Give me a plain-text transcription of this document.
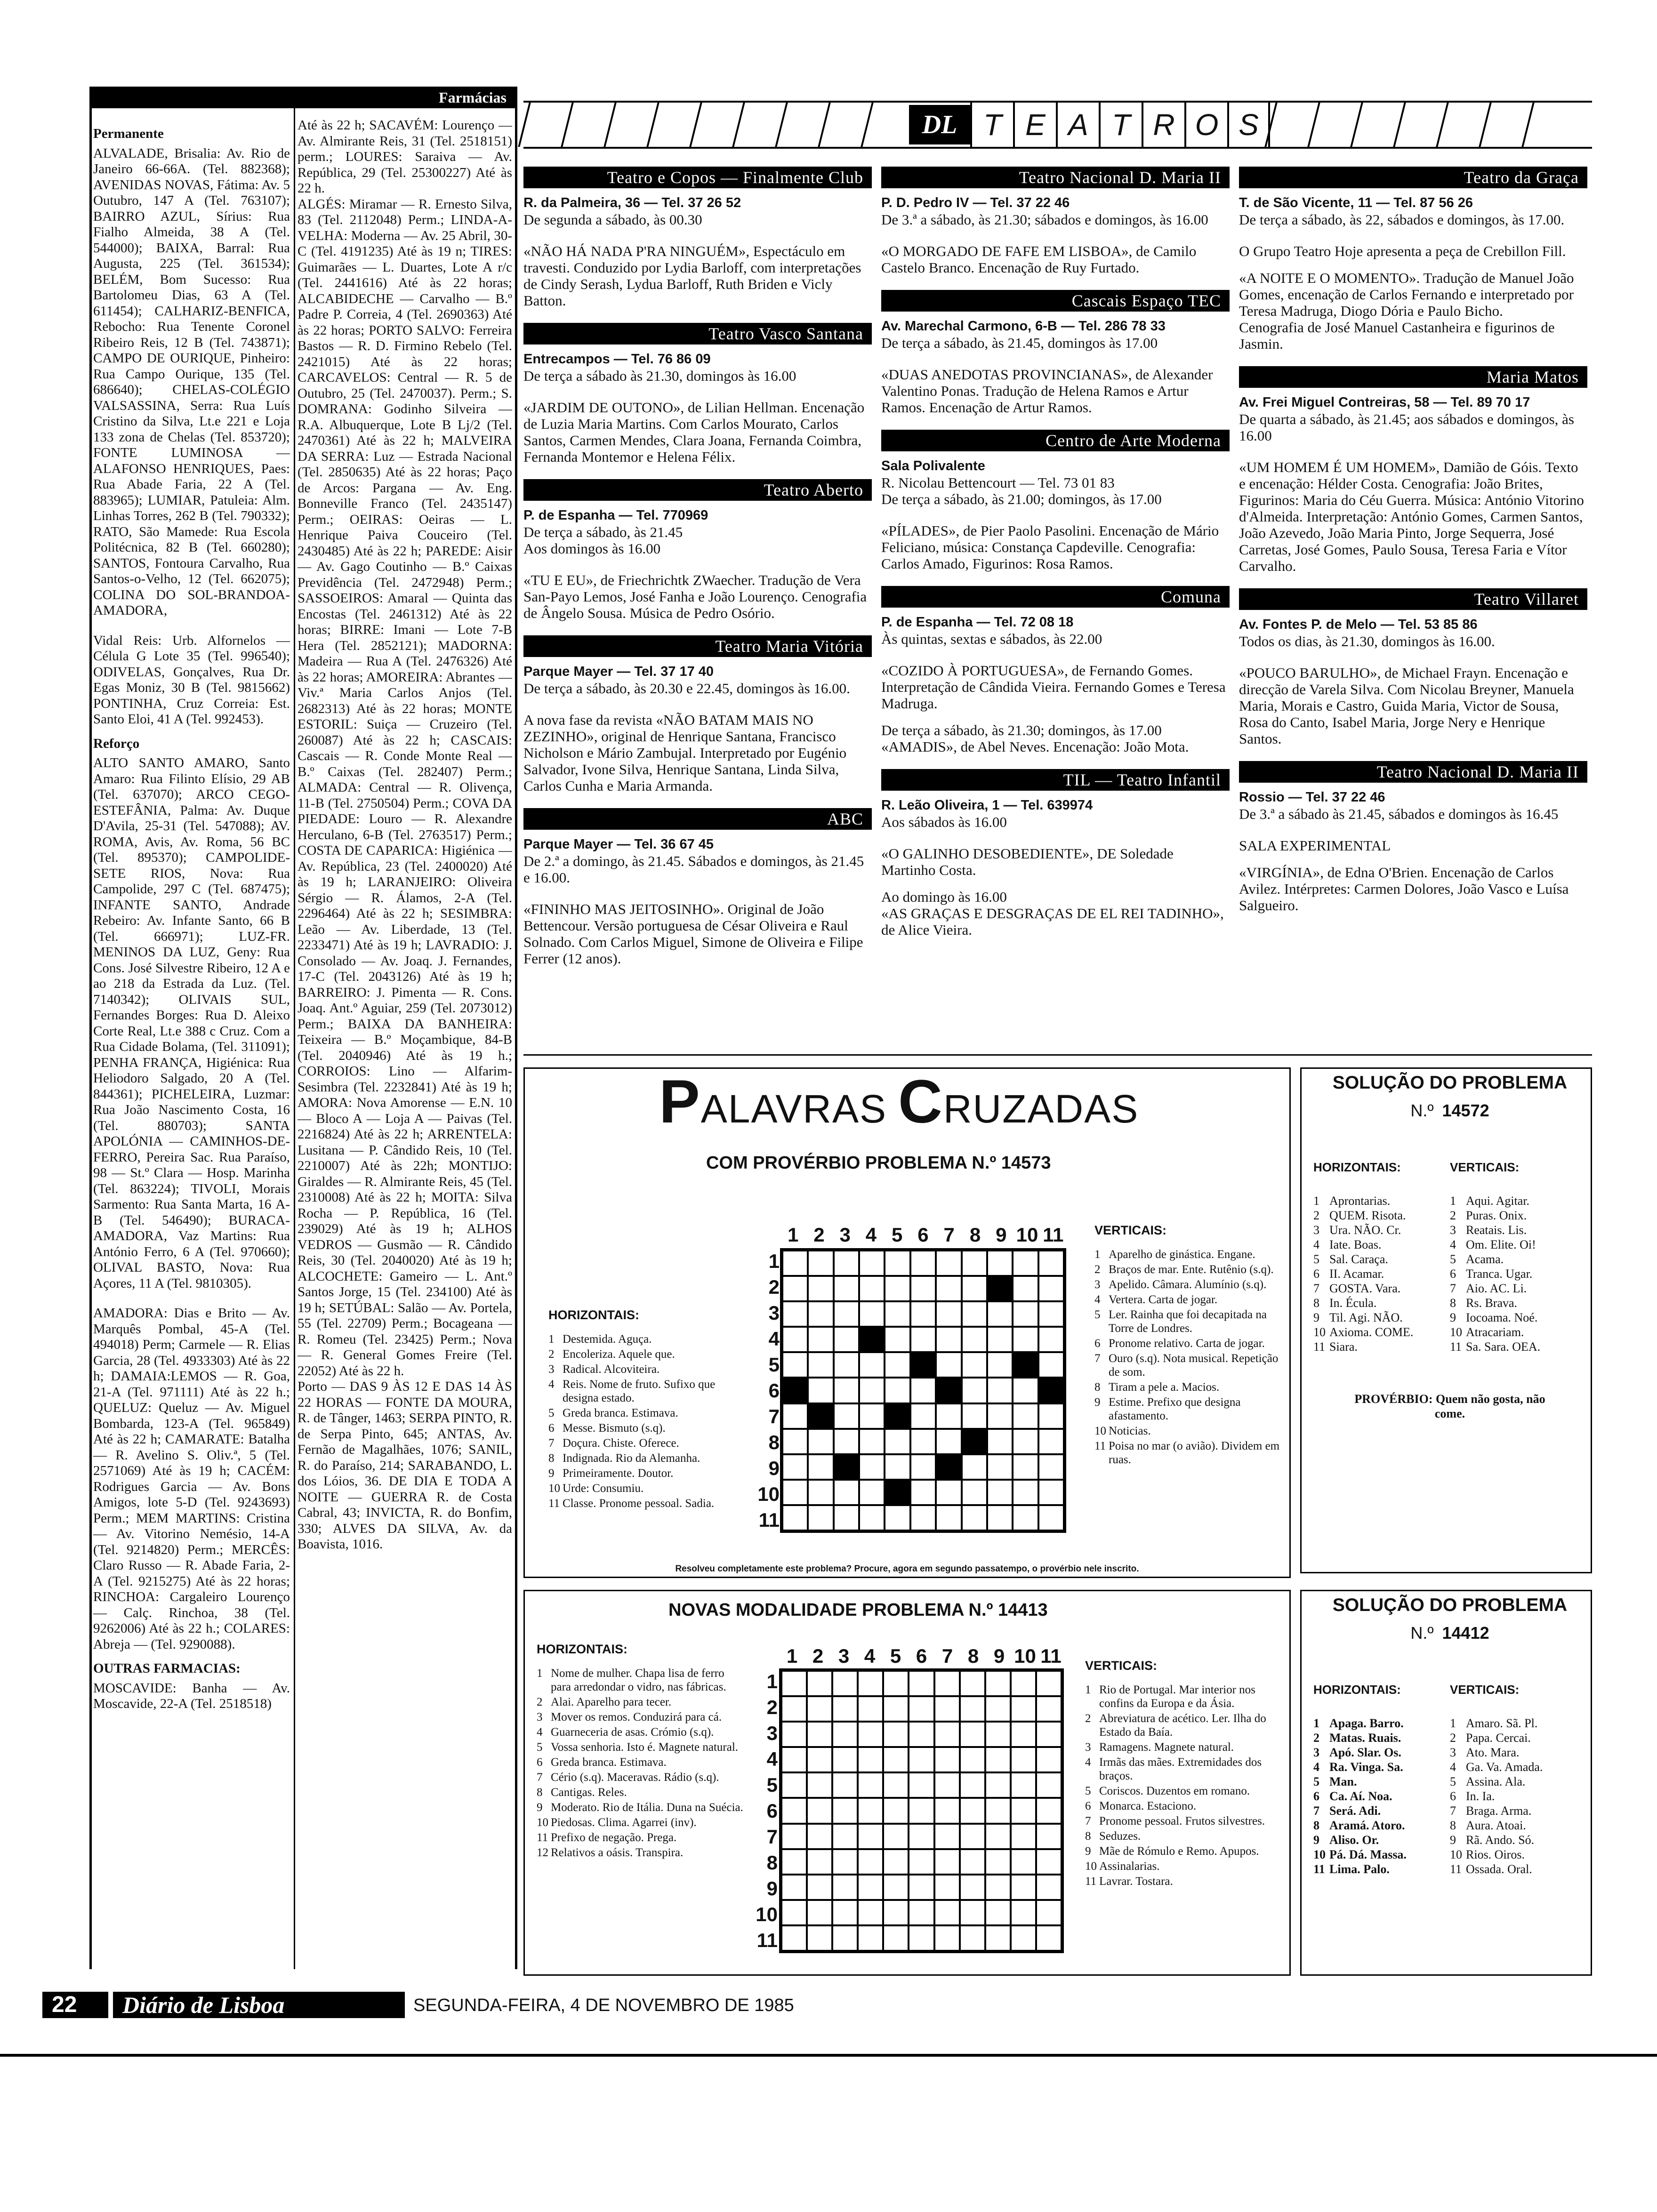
Farmácias

Permanente

ALVALADE, Brisalia: Av. Rio de Janeiro 66-66A. (Tel. 882368); AVENIDAS NOVAS, Fátima: Av. 5 Outubro, 147 A (Tel. 763107); BAIRRO AZUL, Sírius: Rua Fialho Almeida, 38 A (Tel. 544000); BAIXA, Barral: Rua Augusta, 225 (Tel. 361534); BELÉM, Bom Sucesso: Rua Bartolomeu Dias, 63 A (Tel. 611454); CALHARIZ-BENFICA, Rebocho: Rua Tenente Coronel Ribeiro Reis, 12 B (Tel. 743871); CAMPO DE OURIQUE, Pinheiro: Rua Campo Ourique, 135 (Tel. 686640); CHELAS-COLÉGIO VALSASSINA, Serra: Rua Luís Cristino da Silva, Lt.e 221 e Loja 133 zona de Chelas (Tel. 853720); FONTE LUMINOSA — ALAFONSO HENRIQUES, Paes: Rua Abade Faria, 22 A (Tel. 883965); LUMIAR, Patuleia: Alm. Linhas Torres, 262 B (Tel. 790332); RATO, São Mamede: Rua Escola Politécnica, 82 B (Tel. 660280); SANTOS, Fontoura Carvalho, Rua Santos-o-Velho, 12 (Tel. 662075); COLINA DO SOL-BRANDOA-AMADORA,

Vidal Reis: Urb. Alfornelos — Célula G Lote 35 (Tel. 996540); ODIVELAS, Gonçalves, Rua Dr. Egas Moniz, 30 B (Tel. 9815662) PONTINHA, Cruz Correia: Est. Santo Eloi, 41 A (Tel. 992453).

Reforço

ALTO SANTO AMARO, Santo Amaro: Rua Filinto Elísio, 29 AB (Tel. 637070); ARCO CEGO-ESTEFÂNIA, Palma: Av. Duque D'Avila, 25-31 (Tel. 547088); AV. ROMA, Avis, Av. Roma, 56 BC (Tel. 895370); CAMPOLIDE-SETE RIOS, Nova: Rua Campolide, 297 C (Tel. 687475); INFANTE SANTO, Andrade Rebeiro: Av. Infante Santo, 66 B (Tel. 666971); LUZ-FR. MENINOS DA LUZ, Geny: Rua Cons. José Silvestre Ribeiro, 12 A e ao 218 da Estrada da Luz. (Tel. 7140342); OLIVAIS SUL, Fernandes Borges: Rua D. Aleixo Corte Real, Lt.e 388 c Cruz. Com a Rua Cidade Bolama, (Tel. 311091); PENHA FRANÇA, Higiénica: Rua Heliodoro Salgado, 20 A (Tel. 844361); PICHELEIRA, Luzmar: Rua João Nascimento Costa, 16 (Tel. 880703); SANTA APOLÓNIA — CAMINHOS-DE-FERRO, Pereira Sac. Rua Paraíso, 98 — St.º Clara — Hosp. Marinha (Tel. 863224); TIVOLI, Morais Sarmento: Rua Santa Marta, 16 A-B (Tel. 546490); BURACA-AMADORA, Vaz Martins: Rua António Ferro, 6 A (Tel. 970660); OLIVAL BASTO, Nova: Rua Açores, 11 A (Tel. 9810305).

AMADORA: Dias e Brito — Av. Marquês Pombal, 45-A (Tel. 494018) Perm; Carmele — R. Elias Garcia, 28 (Tel. 4933303) Até às 22 h; DAMAIA:LEMOS — R. Goa, 21-A (Tel. 971111) Até às 22 h.; QUELUZ: Queluz — Av. Miguel Bombarda, 123-A (Tel. 965849) Até às 22 h; CAMARATE: Batalha — R. Avelino S. Oliv.ª, 5 (Tel. 2571069) Até às 19 h; CACÉM: Rodrigues Garcia — Av. Bons Amigos, lote 5-D (Tel. 9243693) Perm.; MEM MARTINS: Cristina — Av. Vitorino Nemésio, 14-A (Tel. 9214820) Perm.; MERCÊS: Claro Russo — R. Abade Faria, 2-A (Tel. 9215275) Até às 22 horas; RINCHOA: Cargaleiro Lourenço — Calç. Rinchoa, 38 (Tel. 9262006) Até às 22 h.; COLARES: Abreja — (Tel. 9290088).

OUTRAS FARMACIAS:

MOSCAVIDE: Banha — Av. Moscavide, 22-A (Tel. 2518518)

Até às 22 h; SACAVÉM: Lourenço — Av. Almirante Reis, 31 (Tel. 2518151) perm.; LOURES: Saraiva — Av. República, 29 (Tel. 25300227) Até às 22 h.

ALGÉS: Miramar — R. Ernesto Silva, 83 (Tel. 2112048) Perm.; LINDA-A-VELHA: Moderna — Av. 25 Abril, 30-C (Tel. 4191235) Até às 19 n; TIRES: Guimarães — L. Duartes, Lote A r/c (Tel. 2441616) Até às 22 horas; ALCABIDECHE — Carvalho — B.º Padre P. Correia, 4 (Tel. 2690363) Até às 22 horas; PORTO SALVO: Ferreira Bastos — R. D. Firmino Rebelo (Tel. 2421015) Até às 22 horas; CARCAVELOS: Central — R. 5 de Outubro, 25 (Tel. 2470037). Perm.; S. DOMRANA: Godinho Silveira — R.A. Albuquerque, Lote B Lj/2 (Tel. 2470361) Até às 22 h; MALVEIRA DA SERRA: Luz — Estrada Nacional (Tel. 2850635) Até às 22 horas; Paço de Arcos: Pargana — Av. Eng. Bonneville Franco (Tel. 2435147) Perm.; OEIRAS: Oeiras — L. Henrique Paiva Couceiro (Tel. 2430485) Até às 22 h; PAREDE: Aisir — Av. Gago Coutinho — B.º Caixas Previdência (Tel. 2472948) Perm.; SASSOEIROS: Amaral — Quinta das Encostas (Tel. 2461312) Até às 22 horas; BIRRE: Imani — Lote 7-B Hera (Tel. 2852121); MADORNA: Madeira — Rua A (Tel. 2476326) Até às 22 horas; AMOREIRA: Abrantes — Viv.ª Maria Carlos Anjos (Tel. 2682313) Até às 22 horas; MONTE ESTORIL: Suiça — Cruzeiro (Tel. 260087) Até às 22 h; CASCAIS: Cascais — R. Conde Monte Real — B.º Caixas (Tel. 282407) Perm.; ALMADA: Central — R. Olivença, 11-B (Tel. 2750504) Perm.; COVA DA PIEDADE: Louro — R. Alexandre Herculano, 6-B (Tel. 2763517) Perm.; COSTA DE CAPARICA: Higiénica — Av. República, 23 (Tel. 2400020) Até às 19 h; LARANJEIRO: Oliveira Sérgio — R. Álamos, 2-A (Tel. 2296464) Até às 22 h; SESIMBRA: Leão — Av. Liberdade, 13 (Tel. 2233471) Até às 19 h; LAVRADIO: J. Consolado — Av. Joaq. J. Fernandes, 17-C (Tel. 2043126) Até às 19 h; BARREIRO: J. Pimenta — R. Cons. Joaq. Ant.º Aguiar, 259 (Tel. 2073012) Perm.; BAIXA DA BANHEIRA: Teixeira — B.º Moçambique, 84-B (Tel. 2040946) Até às 19 h.; CORROIOS: Lino — Alfarim-Sesimbra (Tel. 2232841) Até às 19 h; AMORA: Nova Amorense — E.N. 10 — Bloco A — Loja A — Paivas (Tel. 2216824) Até às 22 h; ARRENTELA: Lusitana — P. Cândido Reis, 10 (Tel. 2210007) Até às 22h; MONTIJO: Giraldes — R. Almirante Reis, 45 (Tel. 2310008) Até às 22 h; MOITA: Silva Rocha — P. República, 16 (Tel. 239029) Até às 19 h; ALHOS VEDROS — Gusmão — R. Cândido Reis, 30 (Tel. 2040020) Até às 19 h; ALCOCHETE: Gameiro — L. Ant.º Santos Jorge, 15 (Tel. 234100) Até às 19 h; SETÚBAL: Salão — Av. Portela, 55 (Tel. 22709) Perm.; Bocageana — R. Romeu (Tel. 23425) Perm.; Nova — R. General Gomes Freire (Tel. 22052) Até às 22 h.

Porto — DAS 9 ÀS 12 E DAS 14 ÀS 22 HORAS — FONTE DA MOURA, R. de Tânger, 1463; SERPA PINTO, R. de Serpa Pinto, 645; ANTAS, Av. Fernão de Magalhães, 1076; SANIL, R. do Paraíso, 214; SARABANDO, L. dos Lóios, 36. DE DIA E TODA A NOITE — GUERRA R. de Costa Cabral, 43; INVICTA, R. do Bonfim, 330; ALVES DA SILVA, Av. da Boavista, 1016.

DL T E A T R O S
Teatro e Copos — Finalmente Club

R. da Palmeira, 36 — Tel. 37 26 52

De segunda a sábado, às 00.30

«NÃO HÁ NADA P'RA NINGUÉM», Espectáculo em travesti. Conduzido por Lydia Barloff, com interpretações de Cindy Serash, Lydua Barloff, Ruth Briden e Vicly Batton.

Teatro Vasco Santana

Entrecampos — Tel. 76 86 09

De terça a sábado às 21.30, domingos às 16.00

«JARDIM DE OUTONO», de Lilian Hellman. Encenação de Luzia Maria Martins. Com Carlos Mourato, Carlos Santos, Carmen Mendes, Clara Joana, Fernanda Coimbra, Fernanda Montemor e Helena Félix.

Teatro Aberto

P. de Espanha — Tel. 770969

De terça a sábado, às 21.45

Aos domingos às 16.00

«TU E EU», de Friechrichtk ZWaecher. Tradução de Vera San-Payo Lemos, José Fanha e João Lourenço. Cenografia de Ângelo Sousa. Música de Pedro Osório.

Teatro Maria Vitória

Parque Mayer — Tel. 37 17 40

De terça a sábado, às 20.30 e 22.45, domingos às 16.00.

A nova fase da revista «NÃO BATAM MAIS NO ZEZINHO», original de Henrique Santana, Francisco Nicholson e Mário Zambujal. Interpretado por Eugénio Salvador, Ivone Silva, Henrique Santana, Linda Silva, Carlos Cunha e Maria Armanda.

ABC

Parque Mayer — Tel. 36 67 45

De 2.ª a domingo, às 21.45. Sábados e domingos, às 21.45 e 16.00.

«FININHO MAS JEITOSINHO». Original de João Bettencour. Versão portuguesa de César Oliveira e Raul Solnado. Com Carlos Miguel, Simone de Oliveira e Filipe Ferrer (12 anos).

Teatro Nacional D. Maria II

P. D. Pedro IV — Tel. 37 22 46

De 3.ª a sábado, às 21.30; sábados e domingos, às 16.00

«O MORGADO DE FAFE EM LISBOA», de Camilo Castelo Branco. Encenação de Ruy Furtado.

Cascais Espaço TEC

Av. Marechal Carmono, 6-B — Tel. 286 78 33

De terça a sábado, às 21.45, domingos às 17.00

«DUAS ANEDOTAS PROVINCIANAS», de Alexander Valentino Ponas. Tradução de Helena Ramos e Artur Ramos. Encenação de Artur Ramos.

Centro de Arte Moderna

Sala Polivalente

R. Nicolau Bettencourt — Tel. 73 01 83

De terça a sábado, às 21.00; domingos, às 17.00

«PÍLADES», de Pier Paolo Pasolini. Encenação de Mário Feliciano, música: Constança Capdeville. Cenografia: Carlos Amado, Figurinos: Rosa Ramos.

Comuna

P. de Espanha — Tel. 72 08 18

Às quintas, sextas e sábados, às 22.00

«COZIDO À PORTUGUESA», de Fernando Gomes. Interpretação de Cândida Vieira. Fernando Gomes e Teresa Madruga.

De terça a sábado, às 21.30; domingos, às 17.00

«AMADIS», de Abel Neves. Encenação: João Mota.

TIL — Teatro Infantil

R. Leão Oliveira, 1 — Tel. 639974

Aos sábados às 16.00

«O GALINHO DESOBEDIENTE», DE Soledade Martinho Costa.

Ao domingo às 16.00

«AS GRAÇAS E DESGRAÇAS DE EL REI TADINHO», de Alice Vieira.

Teatro da Graça

T. de São Vicente, 11 — Tel. 87 56 26

De terça a sábado, às 22, sábados e domingos, às 17.00.

O Grupo Teatro Hoje apresenta a peça de Crebillon Fill.

«A NOITE E O MOMENTO». Tradução de Manuel João Gomes, encenação de Carlos Fernando e interpretado por Teresa Madruga, Diogo Dória e Paulo Bicho.

Cenografia de José Manuel Castanheira e figurinos de Jasmin.

Maria Matos

Av. Frei Miguel Contreiras, 58 — Tel. 89 70 17

De quarta a sábado, às 21.45; aos sábados e domingos, às 16.00

«UM HOMEM É UM HOMEM», Damião de Góis. Texto e encenação: Hélder Costa. Cenografia: João Brites, Figurinos: Maria do Céu Guerra. Música: António Vitorino d'Almeida. Interpretação: António Gomes, Carmen Santos, João Azevedo, João Maria Pinto, Jorge Sequerra, José Carretas, José Gomes, Paulo Sousa, Teresa Faria e Vítor Carvalho.

Teatro Villaret

Av. Fontes P. de Melo — Tel. 53 85 86

Todos os dias, às 21.30, domingos às 16.00.

«POUCO BARULHO», de Michael Frayn. Encenação e direcção de Varela Silva. Com Nicolau Breyner, Manuela Maria, Morais e Castro, Guida Maria, Victor de Sousa, Rosa do Canto, Isabel Maria, Jorge Nery e Henrique Santos.

Teatro Nacional D. Maria II

Rossio — Tel. 37 22 46

De 3.ª a sábado às 21.45, sábados e domingos às 16.45

SALA EXPERIMENTAL

«VIRGÍNIA», de Edna O'Brien. Encenação de Carlos Avilez. Intérpretes: Carmen Dolores, João Vasco e Luísa Salgueiro.

PALAVRAS CRUZADAS
COM PROVÉRBIO PROBLEMA N.º 14573
1 2 3 4 5 6 7 8 9 10 11
1
2
3
4
5
6
7
8
9
10
11
HORIZONTAIS:
1 Destemida. Aguça.
2 Encoleriza. Aquele que.
3 Radical. Alcoviteira.
4 Reis. Nome de fruto. Sufixo que designa estado.
5 Greda branca. Estimava.
6 Messe. Bismuto (s.q).
7 Doçura. Chiste. Oferece.
8 Indignada. Rio da Alemanha.
9 Primeiramente. Doutor.
10 Urde: Consumiu.
11 Classe. Pronome pessoal. Sadia.
VERTICAIS:
1 Aparelho de ginástica. Engane.
2 Braços de mar. Ente. Rutênio (s.q).
3 Apelido. Câmara. Alumínio (s.q).
4 Vertera. Carta de jogar.
5 Ler. Rainha que foi decapitada na Torre de Londres.
6 Pronome relativo. Carta de jogar.
7 Ouro (s.q). Nota musical. Repetição de som.
8 Tiram a pele a. Macios.
9 Estime. Prefixo que designa afastamento.
10 Noticias.
11 Poisa no mar (o avião). Dividem em ruas.
Resolveu completamente este problema? Procure, agora em segundo passatempo, o provérbio nele inscrito.
SOLUÇÃO DO PROBLEMA
N.º 14572
HORIZONTAIS:
1 Aprontarias.
2 QUEM. Risota.
3 Ura. NÃO. Cr.
4 Iate. Boas.
5 Sal. Caraça.
6 II. Acamar.
7 GOSTA. Vara.
8 In. Écula.
9 Til. Agi. NÃO.
10 Axioma. COME.
11 Siara.
VERTICAIS:
1 Aqui. Agitar.
2 Puras. Onix.
3 Reatais. Lis.
4 Om. Elite. Oi!
5 Acama.
6 Tranca. Ugar.
7 Aio. AC. Li.
8 Rs. Brava.
9 Iocoama. Noé.
10 Atracariam.
11 Sa. Sara. OEA.
PROVÉRBIO: Quem não gosta, não come.
NOVAS MODALIDADE PROBLEMA N.º 14413
1 2 3 4 5 6 7 8 9 10 11
1
2
3
4
5
6
7
8
9
10
11
HORIZONTAIS:
1 Nome de mulher. Chapa lisa de ferro para arredondar o vidro, nas fábricas.
2 Alai. Aparelho para tecer.
3 Mover os remos. Conduzirá para cá.
4 Guarneceria de asas. Crómio (s.q).
5 Vossa senhoria. Isto é. Magnete natural.
6 Greda branca. Estimava.
7 Cério (s.q). Maceravas. Rádio (s.q).
8 Cantigas. Reles.
9 Moderato. Rio de Itália. Duna na Suécia.
10 Piedosas. Clima. Agarrei (inv).
11 Prefixo de negação. Prega.
12 Relativos a oásis. Transpira.
VERTICAIS:
1 Rio de Portugal. Mar interior nos confins da Europa e da Ásia.
2 Abreviatura de acético. Ler. Ilha do Estado da Baía.
3 Ramagens. Magnete natural.
4 Irmãs das mães. Extremidades dos braços.
5 Coriscos. Duzentos em romano.
6 Monarca. Estaciono.
7 Pronome pessoal. Frutos silvestres.
8 Seduzes.
9 Mãe de Rómulo e Remo. Apupos.
10 Assinalarias.
11 Lavrar. Tostara.
SOLUÇÃO DO PROBLEMA
N.º 14412
HORIZONTAIS:
1 Apaga. Barro.
2 Matas. Ruais.
3 Apó. Slar. Os.
4 Ra. Vinga. Sa.
5 Man.
6 Ca. Aí. Noa.
7 Será. Adi.
8 Aramá. Atoro.
9 Aliso. Or.
10 Pá. Dá. Massa.
11 Lima. Palo.
VERTICAIS:
1 Amaro. Sã. Pl.
2 Papa. Cercai.
3 Ato. Mara.
4 Ga. Va. Amada.
5 Assina. Ala.
6 In. Ia.
7 Braga. Arma.
8 Aura. Atoai.
9 Rã. Ando. Só.
10 Rios. Oiros.
11 Ossada. Oral.
22	Diário de Lisboa	SEGUNDA-FEIRA, 4 DE NOVEMBRO DE 1985
